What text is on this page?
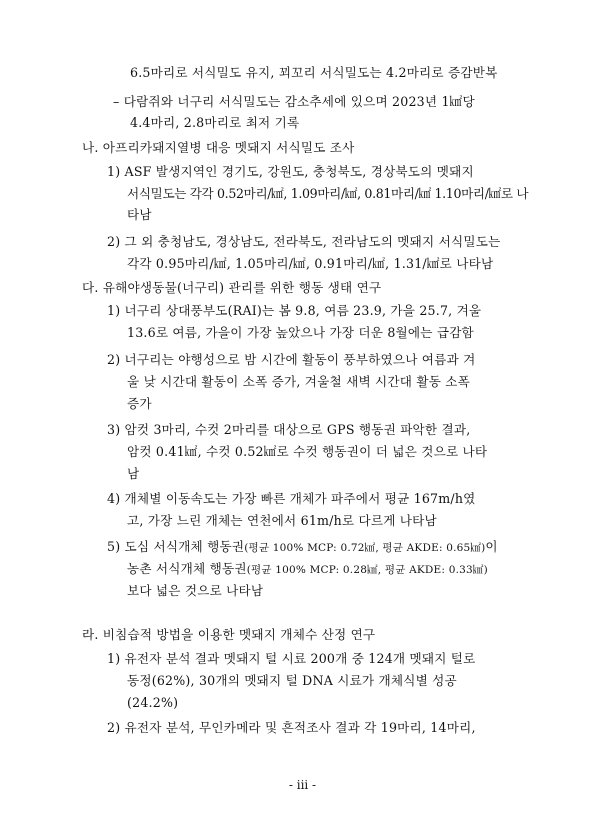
6.5마리로 서식밀도 유지, 꾀꼬리 서식밀도는 4.2마리로 증감반복
– 다람쥐와 너구리 서식밀도는 감소추세에 있으며 2023년 1㎢당
4.4마리, 2.8마리로 최저 기록
나. 아프리카돼지열병 대응 멧돼지 서식밀도 조사
1) ASF 발생지역인 경기도, 강원도, 충청북도, 경상북도의 멧돼지
서식밀도는 각각 0.52마리/㎢, 1.09마리/㎢, 0.81마리/㎢ 1.10마리/㎢로 나
타남
2) 그 외 충청남도, 경상남도, 전라북도, 전라남도의 멧돼지 서식밀도는
각각 0.95마리/㎢, 1.05마리/㎢, 0.91마리/㎢, 1.31/㎢로 나타남
다. 유해야생동물(너구리) 관리를 위한 행동 생태 연구
1) 너구리 상대풍부도(RAI)는 봄 9.8, 여름 23.9, 가을 25.7, 겨울
13.6로 여름, 가을이 가장 높았으나 가장 더운 8월에는 급감함
2) 너구리는 야행성으로 밤 시간에 활동이 풍부하였으나 여름과 겨
울 낮 시간대 활동이 소폭 증가, 겨울철 새벽 시간대 활동 소폭
증가
3) 암컷 3마리, 수컷 2마리를 대상으로 GPS 행동권 파악한 결과,
암컷 0.41㎢, 수컷 0.52㎢로 수컷 행동권이 더 넓은 것으로 나타
남
4) 개체별 이동속도는 가장 빠른 개체가 파주에서 평균 167m/h였
고, 가장 느린 개체는 연천에서 61m/h로 다르게 나타남
5) 도심 서식개체 행동권(평균 100% MCP: 0.72㎢, 평균 AKDE: 0.65㎢)이
농촌 서식개체 행동권(평균 100% MCP: 0.28㎢, 평균 AKDE: 0.33㎢)
보다 넓은 것으로 나타남
라. 비침습적 방법을 이용한 멧돼지 개체수 산정 연구
1) 유전자 분석 결과 멧돼지 털 시료 200개 중 124개 멧돼지 털로
동정(62%), 30개의 멧돼지 털 DNA 시료가 개체식별 성공
(24.2%)
2) 유전자 분석, 무인카메라 및 흔적조사 결과 각 19마리, 14마리,
- iii -
